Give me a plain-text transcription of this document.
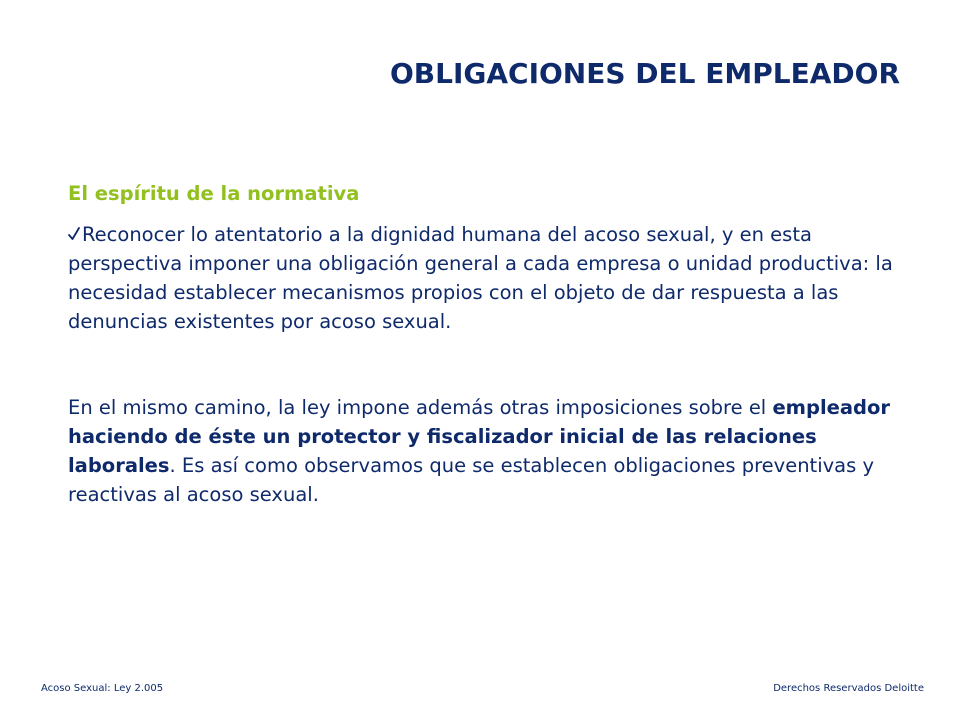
OBLIGACIONES DEL EMPLEADOR
El espíritu de la normativa

Reconocer lo atentatorio a la dignidad humana del acoso sexual, y en esta perspectiva imponer una obligación general a cada empresa o unidad productiva: la necesidad establecer mecanismos propios con el objeto de dar respuesta a las denuncias existentes por acoso sexual.

En el mismo camino, la ley impone además otras imposiciones sobre el empleador haciendo de éste un protector y fiscalizador inicial de las relaciones laborales. Es así como observamos que se establecen obligaciones preventivas y reactivas al acoso sexual.

Acoso Sexual: Ley 2.005	Derechos Reservados Deloitte
